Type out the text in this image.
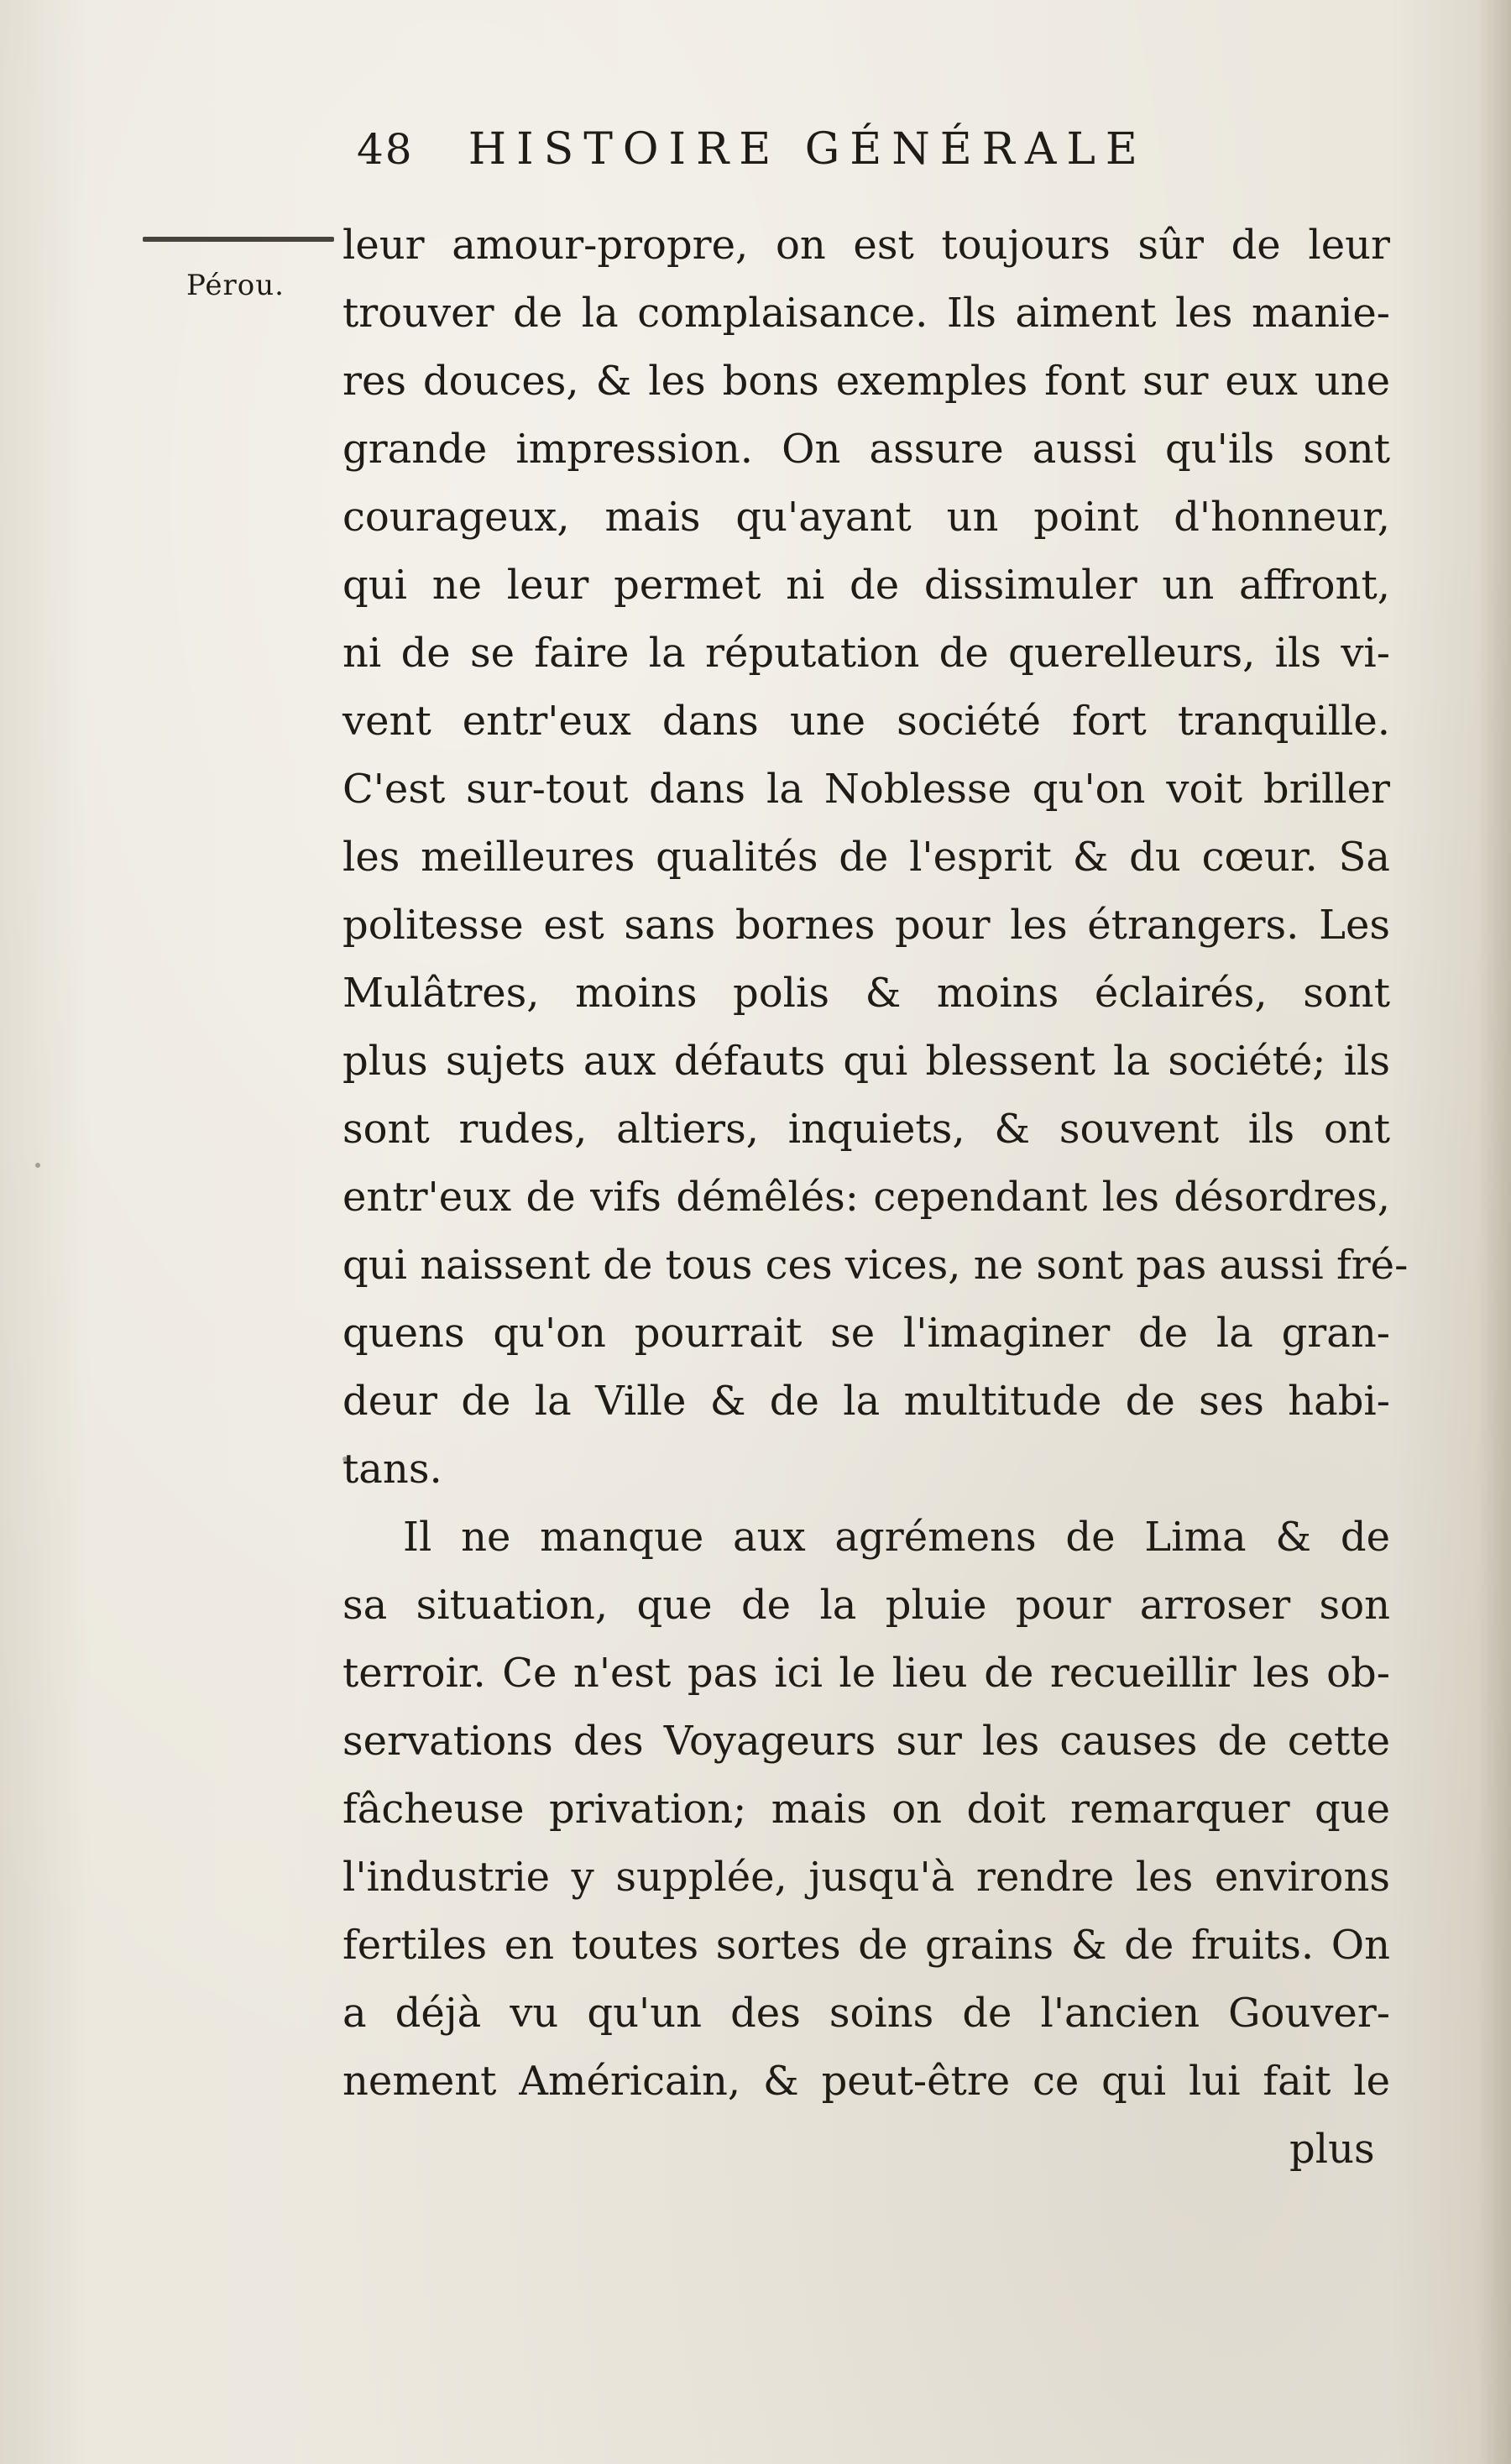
48 HISTOIRE GÉNÉRALE
Pérou.
leur amour-propre, on est toujours sûr de leur
trouver de la complaisance. Ils aiment les manie-
res douces, & les bons exemples font sur eux une
grande impression. On assure aussi qu'ils sont
courageux, mais qu'ayant un point d'honneur,
qui ne leur permet ni de dissimuler un affront,
ni de se faire la réputation de querelleurs, ils vi-
vent entr'eux dans une société fort tranquille.
C'est sur-tout dans la Noblesse qu'on voit briller
les meilleures qualités de l'esprit & du cœur. Sa
politesse est sans bornes pour les étrangers. Les
Mulâtres, moins polis & moins éclairés, sont
plus sujets aux défauts qui blessent la société; ils
sont rudes, altiers, inquiets, & souvent ils ont
entr'eux de vifs démêlés: cependant les désordres,
qui naissent de tous ces vices, ne sont pas aussi fré-
quens qu'on pourrait se l'imaginer de la gran-
deur de la Ville & de la multitude de ses habi-
tans.
Il ne manque aux agrémens de Lima & de
sa situation, que de la pluie pour arroser son
terroir. Ce n'est pas ici le lieu de recueillir les ob-
servations des Voyageurs sur les causes de cette
fâcheuse privation; mais on doit remarquer que
l'industrie y supplée, jusqu'à rendre les environs
fertiles en toutes sortes de grains & de fruits. On
a déjà vu qu'un des soins de l'ancien Gouver-
nement Américain, & peut-être ce qui lui fait le
plus
